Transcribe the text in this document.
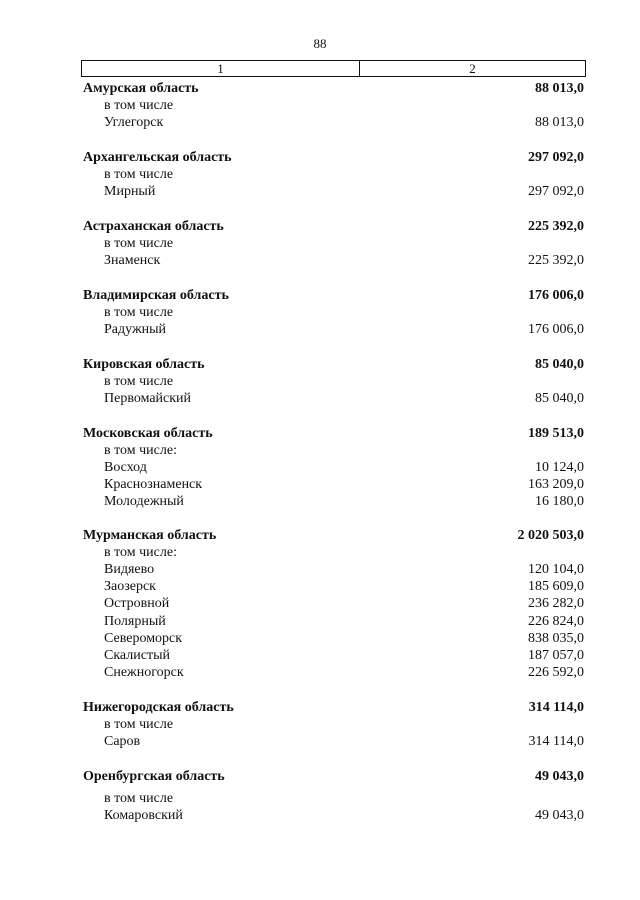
88
1	2
Амурская область	88 013,0
в том числе
Углегорск	88 013,0
Архангельская область	297 092,0
в том числе
Мирный	297 092,0
Астраханская область	225 392,0
в том числе
Знаменск	225 392,0
Владимирская область	176 006,0
в том числе
Радужный	176 006,0
Кировская область	85 040,0
в том числе
Первомайский	85 040,0
Московская область	189 513,0
в том числе:
Восход	10 124,0
Краснознаменск	163 209,0
Молодежный	16 180,0
Мурманская область	2 020 503,0
в том числе:
Видяево	120 104,0
Заозерск	185 609,0
Островной	236 282,0
Полярный	226 824,0
Североморск	838 035,0
Скалистый	187 057,0
Снежногорск	226 592,0
Нижегородская область	314 114,0
в том числе
Саров	314 114,0
Оренбургская область	49 043,0
в том числе
Комаровский	49 043,0
